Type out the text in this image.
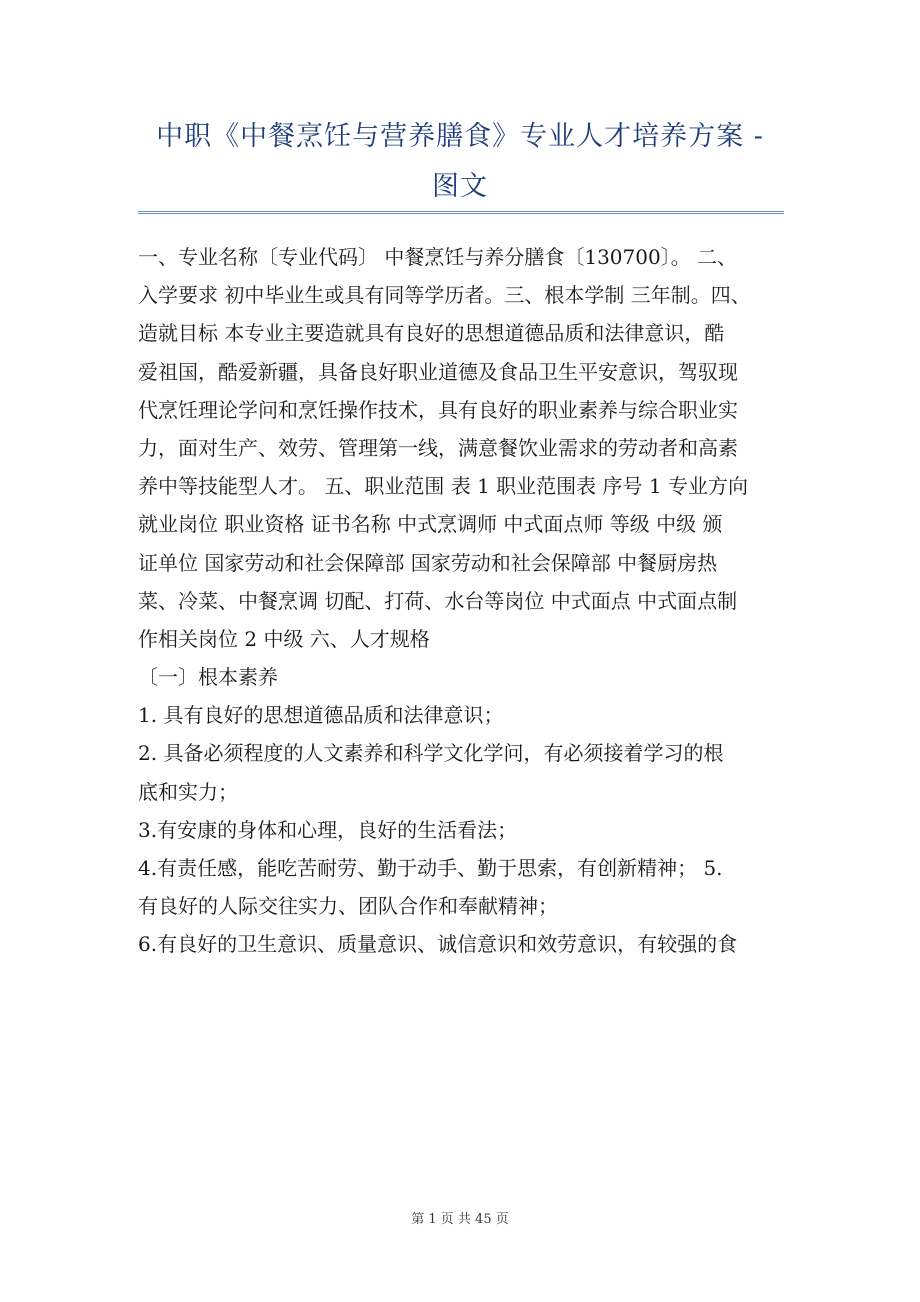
中职《中餐烹饪与营养膳食》专业人才培养方案 -
图文
一、专业名称〔专业代码〕 中餐烹饪与养分膳食〔130700〕。 二、
入学要求 初中毕业生或具有同等学历者。三、根本学制 三年制。四、
造就目标 本专业主要造就具有良好的思想道德品质和法律意识，酷
爱祖国，酷爱新疆，具备良好职业道德及食品卫生平安意识，驾驭现
代烹饪理论学问和烹饪操作技术，具有良好的职业素养与综合职业实
力，面对生产、效劳、管理第一线，满意餐饮业需求的劳动者和高素
养中等技能型人才。 五、职业范围 表 1 职业范围表 序号 1 专业方向
就业岗位 职业资格 证书名称 中式烹调师 中式面点师 等级 中级 颁
证单位 国家劳动和社会保障部 国家劳动和社会保障部 中餐厨房热
菜、冷菜、中餐烹调 切配、打荷、水台等岗位 中式面点 中式面点制
作相关岗位 2 中级 六、人才规格
〔一〕根本素养
1. 具有良好的思想道德品质和法律意识；
2. 具备必须程度的人文素养和科学文化学问，有必须接着学习的根
底和实力；
3.有安康的身体和心理，良好的生活看法；
4.有责任感，能吃苦耐劳、勤于动手、勤于思索，有创新精神； 5.
有良好的人际交往实力、团队合作和奉献精神；
6.有良好的卫生意识、质量意识、诚信意识和效劳意识，有较强的食
第 1 页 共 45 页
